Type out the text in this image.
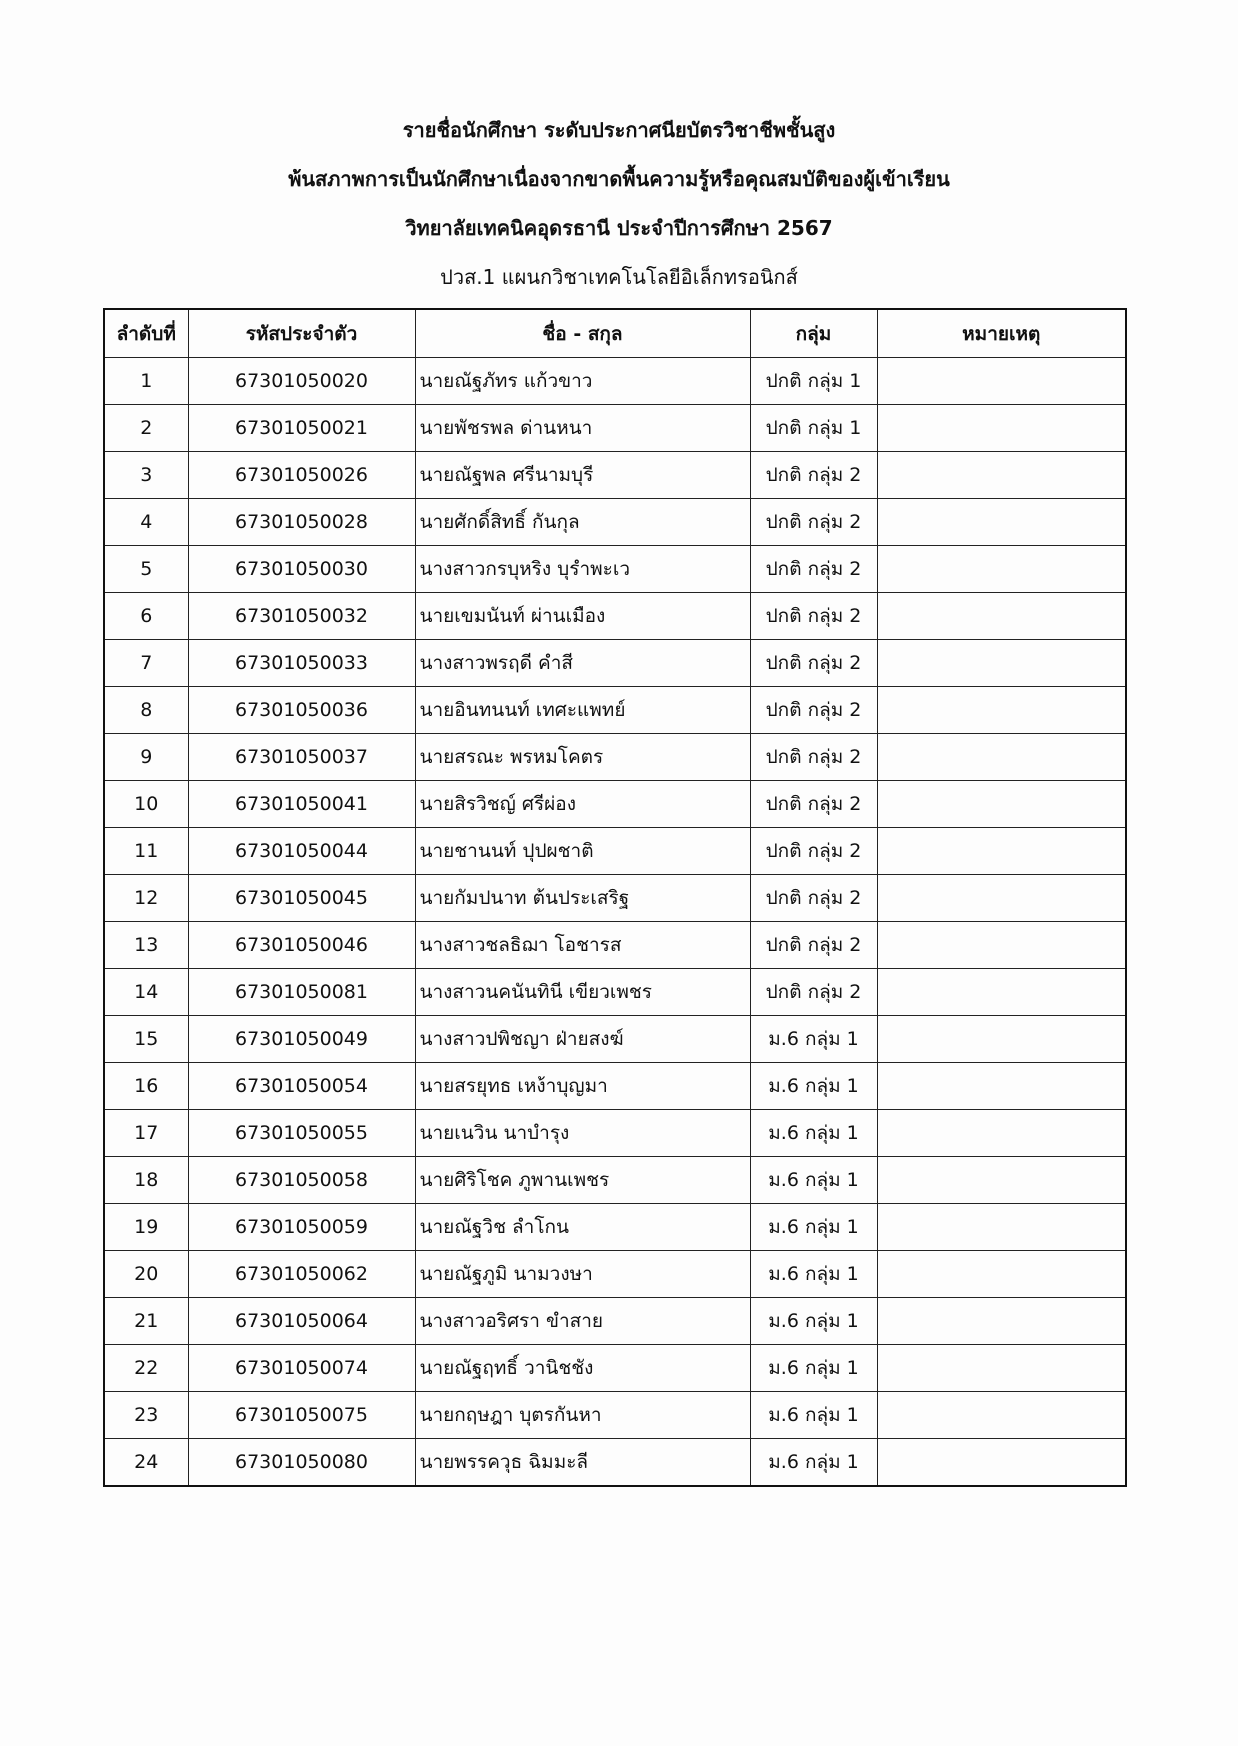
รายชื่อนักศึกษา ระดับประกาศนียบัตรวิชาชีพชั้นสูง
พ้นสภาพการเป็นนักศึกษาเนื่องจากขาดพื้นความรู้หรือคุณสมบัติของผู้เข้าเรียน
วิทยาลัยเทคนิคอุดรธานี ประจำปีการศึกษา 2567
ปวส.1 แผนกวิชาเทคโนโลยีอิเล็กทรอนิกส์
ลำดับที่	รหัสประจำตัว	ชื่อ - สกุล	กลุ่ม	หมายเหตุ
1	67301050020	นายณัฐภัทร แก้วขาว	ปกติ กลุ่ม 1	
2	67301050021	นายพัชรพล ด่านหนา	ปกติ กลุ่ม 1	
3	67301050026	นายณัฐพล ศรีนามบุรี	ปกติ กลุ่ม 2	
4	67301050028	นายศักดิ์สิทธิ์ กันกุล	ปกติ กลุ่ม 2	
5	67301050030	นางสาวกรบุหริง บุรำพะเว	ปกติ กลุ่ม 2	
6	67301050032	นายเขมนันท์ ผ่านเมือง	ปกติ กลุ่ม 2	
7	67301050033	นางสาวพรฤดี คำสี	ปกติ กลุ่ม 2	
8	67301050036	นายอินทนนท์ เทศะแพทย์	ปกติ กลุ่ม 2	
9	67301050037	นายสรณะ พรหมโคตร	ปกติ กลุ่ม 2	
10	67301050041	นายสิรวิชญ์ ศรีผ่อง	ปกติ กลุ่ม 2	
11	67301050044	นายชานนท์ ปุปผชาติ	ปกติ กลุ่ม 2	
12	67301050045	นายกัมปนาท ต้นประเสริฐ	ปกติ กลุ่ม 2	
13	67301050046	นางสาวชลธิฌา โอชารส	ปกติ กลุ่ม 2	
14	67301050081	นางสาวนคนันทินี เขียวเพชร	ปกติ กลุ่ม 2	
15	67301050049	นางสาวปพิชญา ฝ่ายสงฆ์	ม.6 กลุ่ม 1	
16	67301050054	นายสรยุทธ เหง้าบุญมา	ม.6 กลุ่ม 1	
17	67301050055	นายเนวิน นาบำรุง	ม.6 กลุ่ม 1	
18	67301050058	นายศิริโชค ภูพานเพชร	ม.6 กลุ่ม 1	
19	67301050059	นายณัฐวิช ลำโกน	ม.6 กลุ่ม 1	
20	67301050062	นายณัฐภูมิ นามวงษา	ม.6 กลุ่ม 1	
21	67301050064	นางสาวอริศรา ขำสาย	ม.6 กลุ่ม 1	
22	67301050074	นายณัฐฤทธิ์ วานิชชัง	ม.6 กลุ่ม 1	
23	67301050075	นายกฤษฎา บุตรกันหา	ม.6 กลุ่ม 1	
24	67301050080	นายพรรควุธ ฉิมมะลี	ม.6 กลุ่ม 1	
